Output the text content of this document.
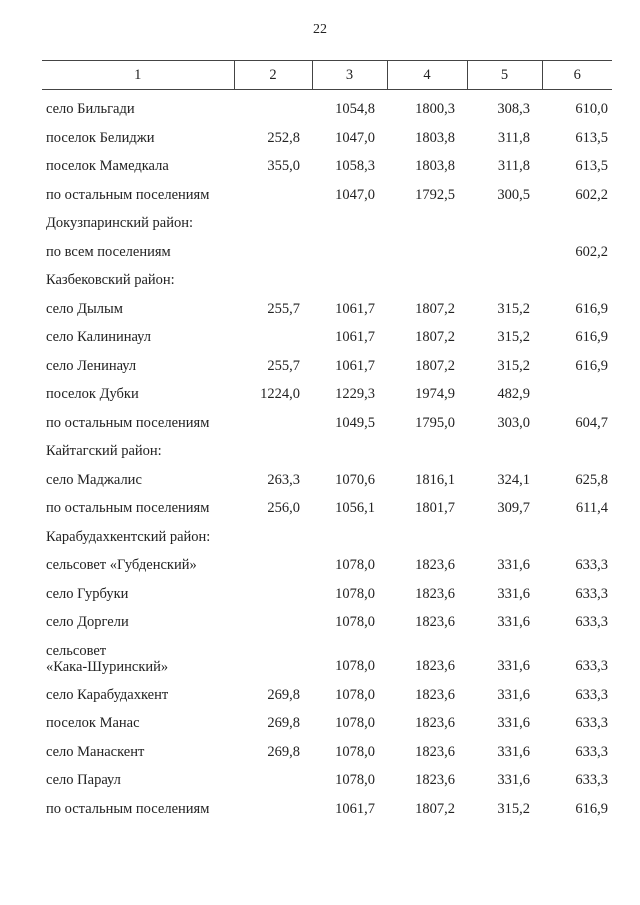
22
1	2	3	4	5	6
село Бильгади		1054,8	1800,3	308,3	610,0
поселок Белиджи	252,8	1047,0	1803,8	311,8	613,5
поселок Мамедкала	355,0	1058,3	1803,8	311,8	613,5
по остальным поселениям		1047,0	1792,5	300,5	602,2
Докузпаринский район:					
по всем поселениям					602,2
Казбековский район:					
село Дылым	255,7	1061,7	1807,2	315,2	616,9
село Калининаул		1061,7	1807,2	315,2	616,9
село Ленинаул	255,7	1061,7	1807,2	315,2	616,9
поселок Дубки	1224,0	1229,3	1974,9	482,9	
по остальным поселениям		1049,5	1795,0	303,0	604,7
Кайтагский район:					
село Маджалис	263,3	1070,6	1816,1	324,1	625,8
по остальным поселениям	256,0	1056,1	1801,7	309,7	611,4
Карабудахкентский район:					
сельсовет «Губденский»		1078,0	1823,6	331,6	633,3
село Гурбуки		1078,0	1823,6	331,6	633,3
село Доргели		1078,0	1823,6	331,6	633,3

сельсовет
«Кака-Шуринский»		1078,0	1823,6	331,6	633,3
село Карабудахкент	269,8	1078,0	1823,6	331,6	633,3
поселок Манас	269,8	1078,0	1823,6	331,6	633,3
село Манаскент	269,8	1078,0	1823,6	331,6	633,3
село Параул		1078,0	1823,6	331,6	633,3
по остальным поселениям		1061,7	1807,2	315,2	616,9
